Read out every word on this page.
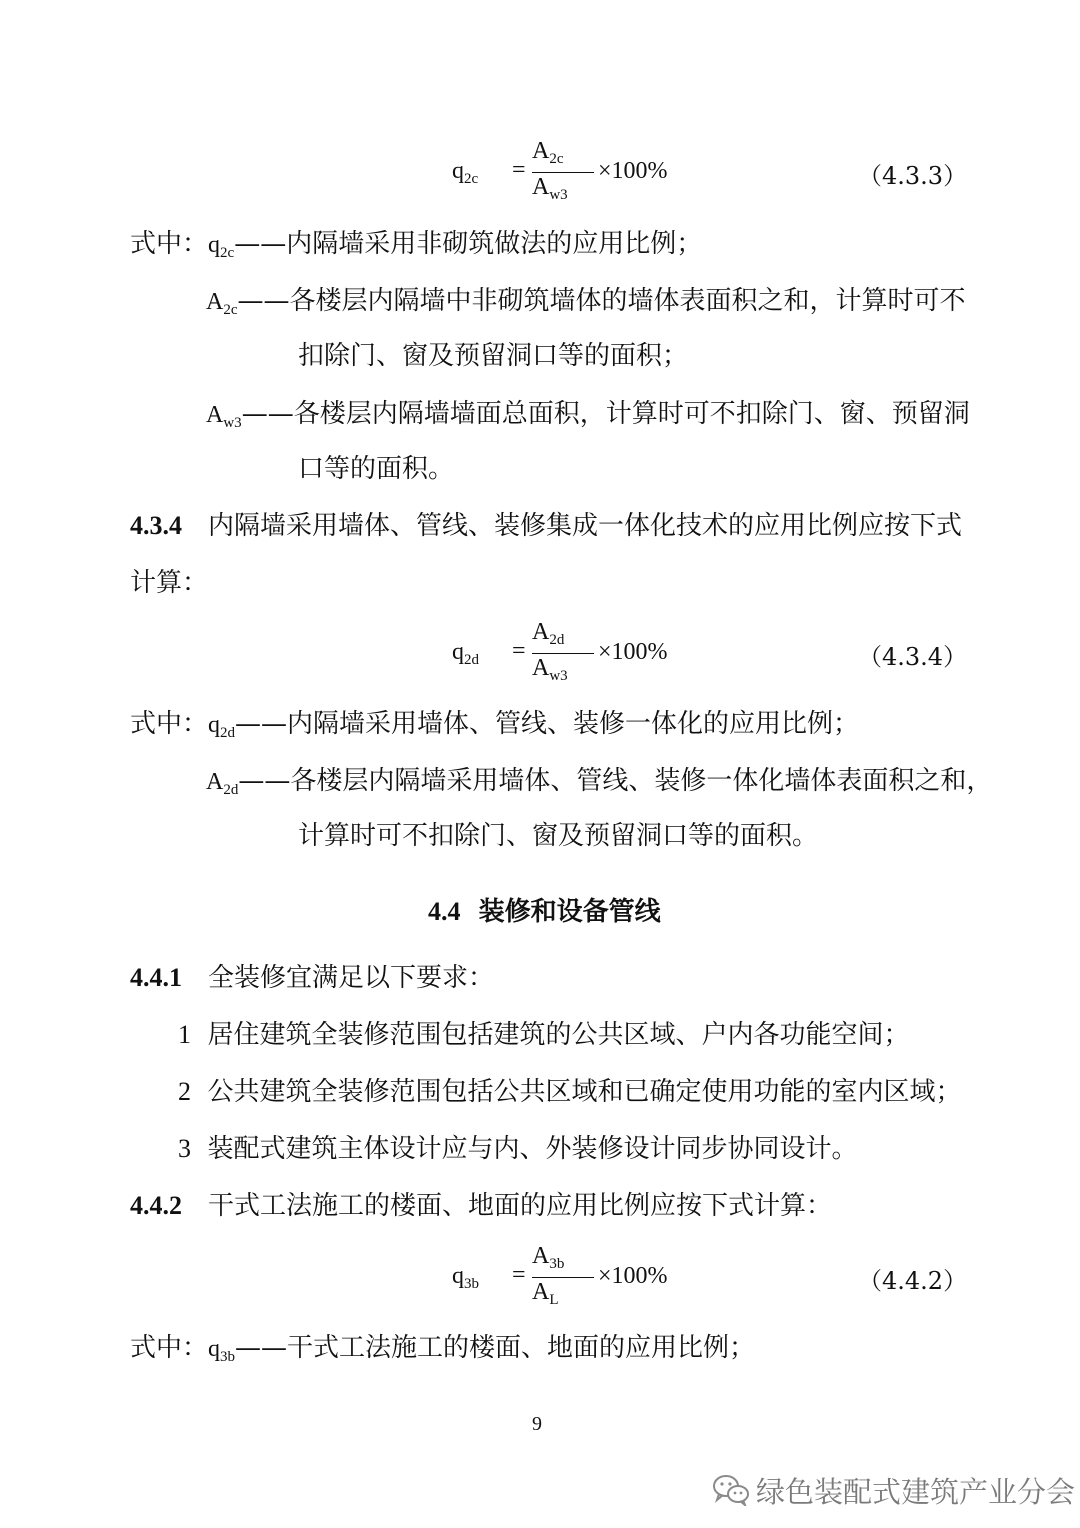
$q_{2c}$ =
$A_{2c}$
$A_{w3}$
×100%	（4.3.3）
式中：$q_{2c}——$内隔墙采用非砌筑做法的应用比例；
$A_{2c}——$各楼层内隔墙中非砌筑墙体的墙体表面积之和，计算时可不
扣除门、窗及预留洞口等的面积；
$A_{w3}——$各楼层内隔墙墙面总面积，计算时可不扣除门、窗、预留洞
口等的面积。
4.3.4 内隔墙采用墙体、管线、装修集成一体化技术的应用比例应按下式
计算：
$q_{2d}$ =
$A_{2d}$
$A_{w3}$
×100%	（4.3.4）
式中：$q_{2d}——$内隔墙采用墙体、管线、装修一体化的应用比例；
$A_{2d}——$各楼层内隔墙采用墙体、管线、装修一体化墙体表面积之和，
计算时可不扣除门、窗及预留洞口等的面积。
4.4 装修和设备管线
4.4.1 全装修宜满足以下要求：
1 居住建筑全装修范围包括建筑的公共区域、户内各功能空间；
2 公共建筑全装修范围包括公共区域和已确定使用功能的室内区域；
3 装配式建筑主体设计应与内、外装修设计同步协同设计。
4.4.2 干式工法施工的楼面、地面的应用比例应按下式计算：
$q_{3b}$ =
$A_{3b}$
$A_L$
×100%	（4.4.2）
式中：$q_{3b}——$干式工法施工的楼面、地面的应用比例；
9
绿色装配式建筑产业分会
